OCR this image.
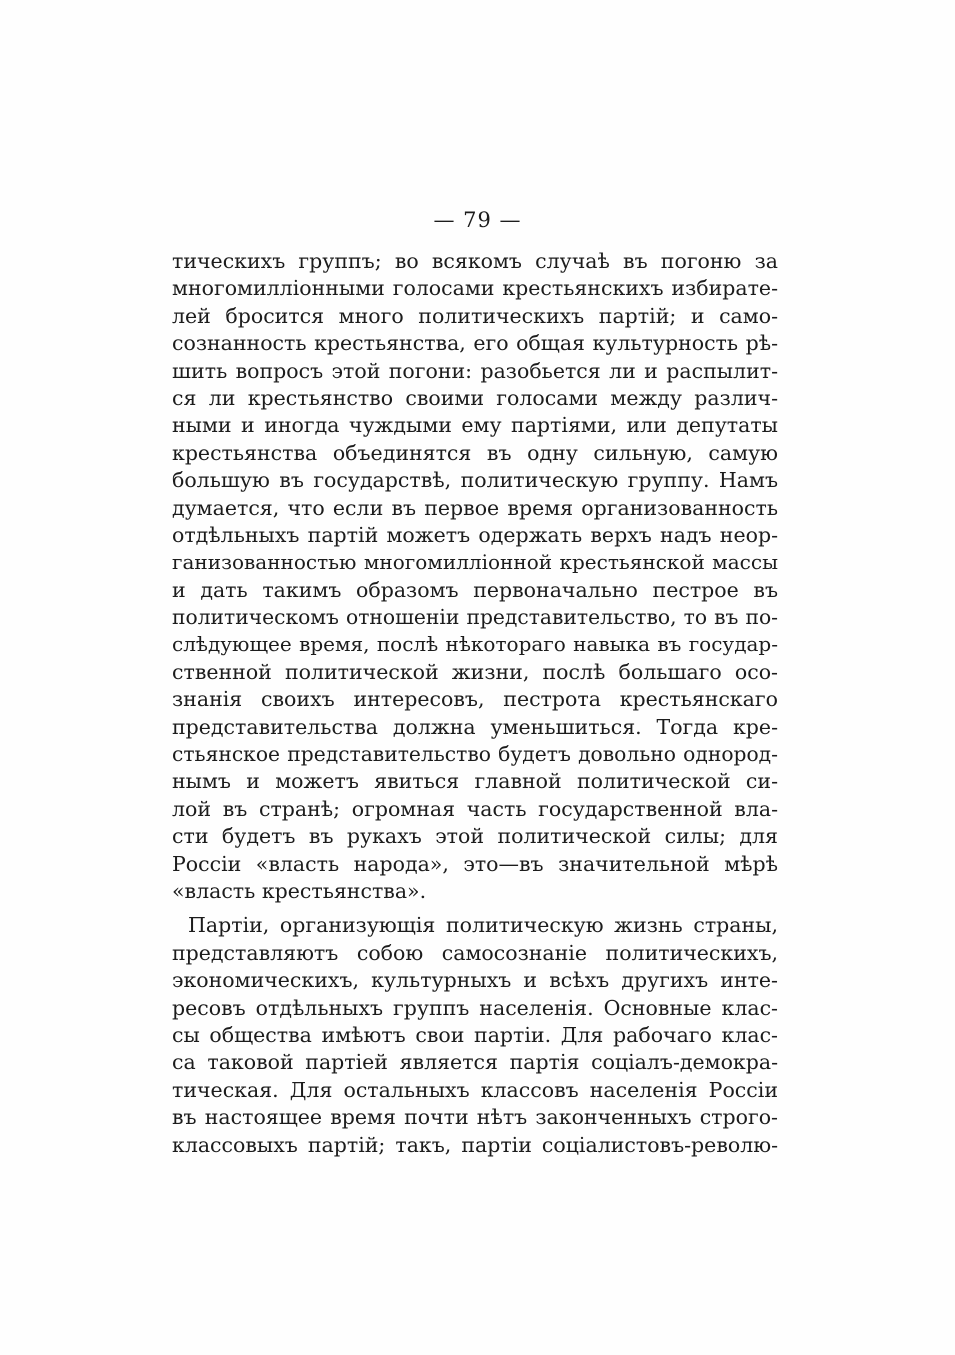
— 79 —
тическихъ группъ; во всякомъ случаѣ въ погоню за
многомилліонными голосами крестьянскихъ избирате-
лей бросится много политическихъ партій; и само-
сознанность крестьянства, его общая культурность рѣ-
шить вопросъ этой погони: разобьется ли и распылит-
ся ли крестьянство своими голосами между различ-
ными и иногда чуждыми ему партіями, или депутаты
крестьянства объединятся въ одну сильную, самую
большую въ государствѣ, политическую группу. Намъ
думается, что если въ первое время организованность
отдѣльныхъ партій можетъ одержать верхъ надъ неор-
ганизованностью многомилліонной крестьянской массы
и дать такимъ образомъ первоначально пестрое въ
политическомъ отношеніи представительство, то въ по-
слѣдующее время, послѣ нѣкотораго навыка въ государ-
ственной политической жизни, послѣ большаго осо-
знанія своихъ интересовъ, пестрота крестьянскаго
представительства должна уменьшиться. Тогда кре-
стьянское представительство будетъ довольно однород-
нымъ и можетъ явиться главной политической си-
лой въ странѣ; огромная часть государственной вла-
сти будетъ въ рукахъ этой политической силы; для
Россіи «власть народа», это—въ значительной мѣрѣ
«власть крестьянства».
Партіи, организующія политическую жизнь страны,
представляютъ собою самосознаніе политическихъ,
экономическихъ, культурныхъ и всѣхъ другихъ инте-
ресовъ отдѣльныхъ группъ населенія. Основные клас-
сы общества имѣютъ свои партіи. Для рабочаго клас-
са таковой партіей является партія соціалъ-демокра-
тическая. Для остальныхъ классовъ населенія Россіи
въ настоящее время почти нѣтъ законченныхъ строго-
классовыхъ партій; такъ, партіи соціалистовъ-револю-
